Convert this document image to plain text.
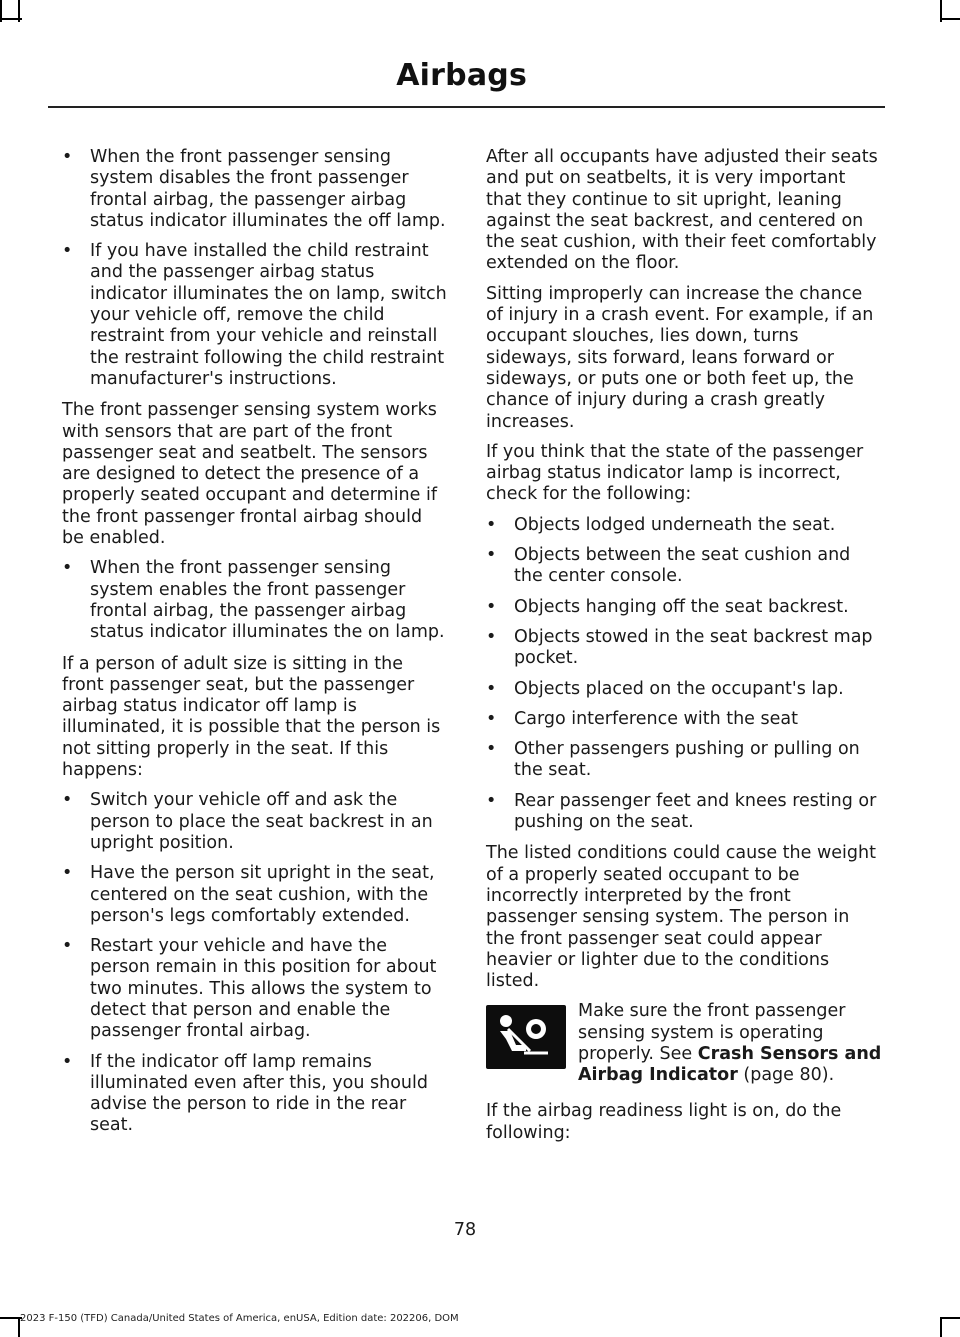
Airbags
• When the front passenger sensing system disables the front passenger frontal airbag, the passenger airbag status indicator illuminates the off lamp.
• If you have installed the child restraint and the passenger airbag status indicator illuminates the on lamp, switch your vehicle off, remove the child restraint from your vehicle and reinstall the restraint following the child restraint manufacturer's instructions.

The front passenger sensing system works with sensors that are part of the front passenger seat and seatbelt. The sensors are designed to detect the presence of a properly seated occupant and determine if the front passenger frontal airbag should be enabled.

• When the front passenger sensing system enables the front passenger frontal airbag, the passenger airbag status indicator illuminates the on lamp.

If a person of adult size is sitting in the front passenger seat, but the passenger airbag status indicator off lamp is illuminated, it is possible that the person is not sitting properly in the seat. If this happens:

• Switch your vehicle off and ask the person to place the seat backrest in an upright position.
• Have the person sit upright in the seat, centered on the seat cushion, with the person's legs comfortably extended.
• Restart your vehicle and have the person remain in this position for about two minutes. This allows the system to detect that person and enable the passenger frontal airbag.
• If the indicator off lamp remains illuminated even after this, you should advise the person to ride in the rear seat.

After all occupants have adjusted their seats and put on seatbelts, it is very important that they continue to sit upright, leaning against the seat backrest, and centered on the seat cushion, with their feet comfortably extended on the floor.

Sitting improperly can increase the chance of injury in a crash event. For example, if an occupant slouches, lies down, turns sideways, sits forward, leans forward or sideways, or puts one or both feet up, the chance of injury during a crash greatly increases.

If you think that the state of the passenger airbag status indicator lamp is incorrect, check for the following:

• Objects lodged underneath the seat.
• Objects between the seat cushion and the center console.
• Objects hanging off the seat backrest.
• Objects stowed in the seat backrest map pocket.
• Objects placed on the occupant's lap.
• Cargo interference with the seat
• Other passengers pushing or pulling on the seat.
• Rear passenger feet and knees resting or pushing on the seat.

The listed conditions could cause the weight of a properly seated occupant to be incorrectly interpreted by the front passenger sensing system. The person in the front passenger seat could appear heavier or lighter due to the conditions listed.

Make sure the front passenger sensing system is operating properly. See Crash Sensors and Airbag Indicator (page 80).

If the airbag readiness light is on, do the following:

78
2023 F-150 (TFD) Canada/United States of America, enUSA, Edition date: 202206, DOM
